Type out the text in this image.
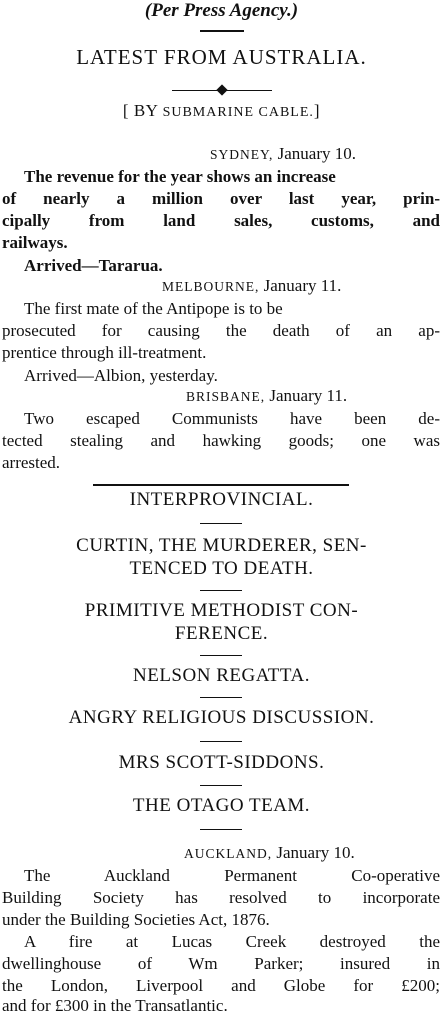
(Per Press Agency.)
LATEST FROM AUSTRALIA.
[ BY SUBMARINE CABLE.]
SYDNEY, January 10.
The revenue for the year shows an increase
of nearly a million over last year, prin-
cipally from land sales, customs, and
railways.
Arrived—Tararua.
MELBOURNE, January 11.
The first mate of the Antipope is to be
prosecuted for causing the death of an ap-
prentice through ill-treatment.
Arrived—Albion, yesterday.
BRISBANE, January 11.
Two escaped Communists have been de-
tected stealing and hawking goods; one was
arrested.
INTERPROVINCIAL.
CURTIN, THE MURDERER, SEN-
TENCED TO DEATH.
PRIMITIVE METHODIST CON-
FERENCE.
NELSON REGATTA.
ANGRY RELIGIOUS DISCUSSION.
MRS SCOTT-SIDDONS.
THE OTAGO TEAM.
AUCKLAND, January 10.
The Auckland Permanent Co-operative
Building Society has resolved to incorporate
under the Building Societies Act, 1876.
A fire at Lucas Creek destroyed the
dwellinghouse of Wm Parker; insured in
the London, Liverpool and Globe for £200;
and for £300 in the Transatlantic.
